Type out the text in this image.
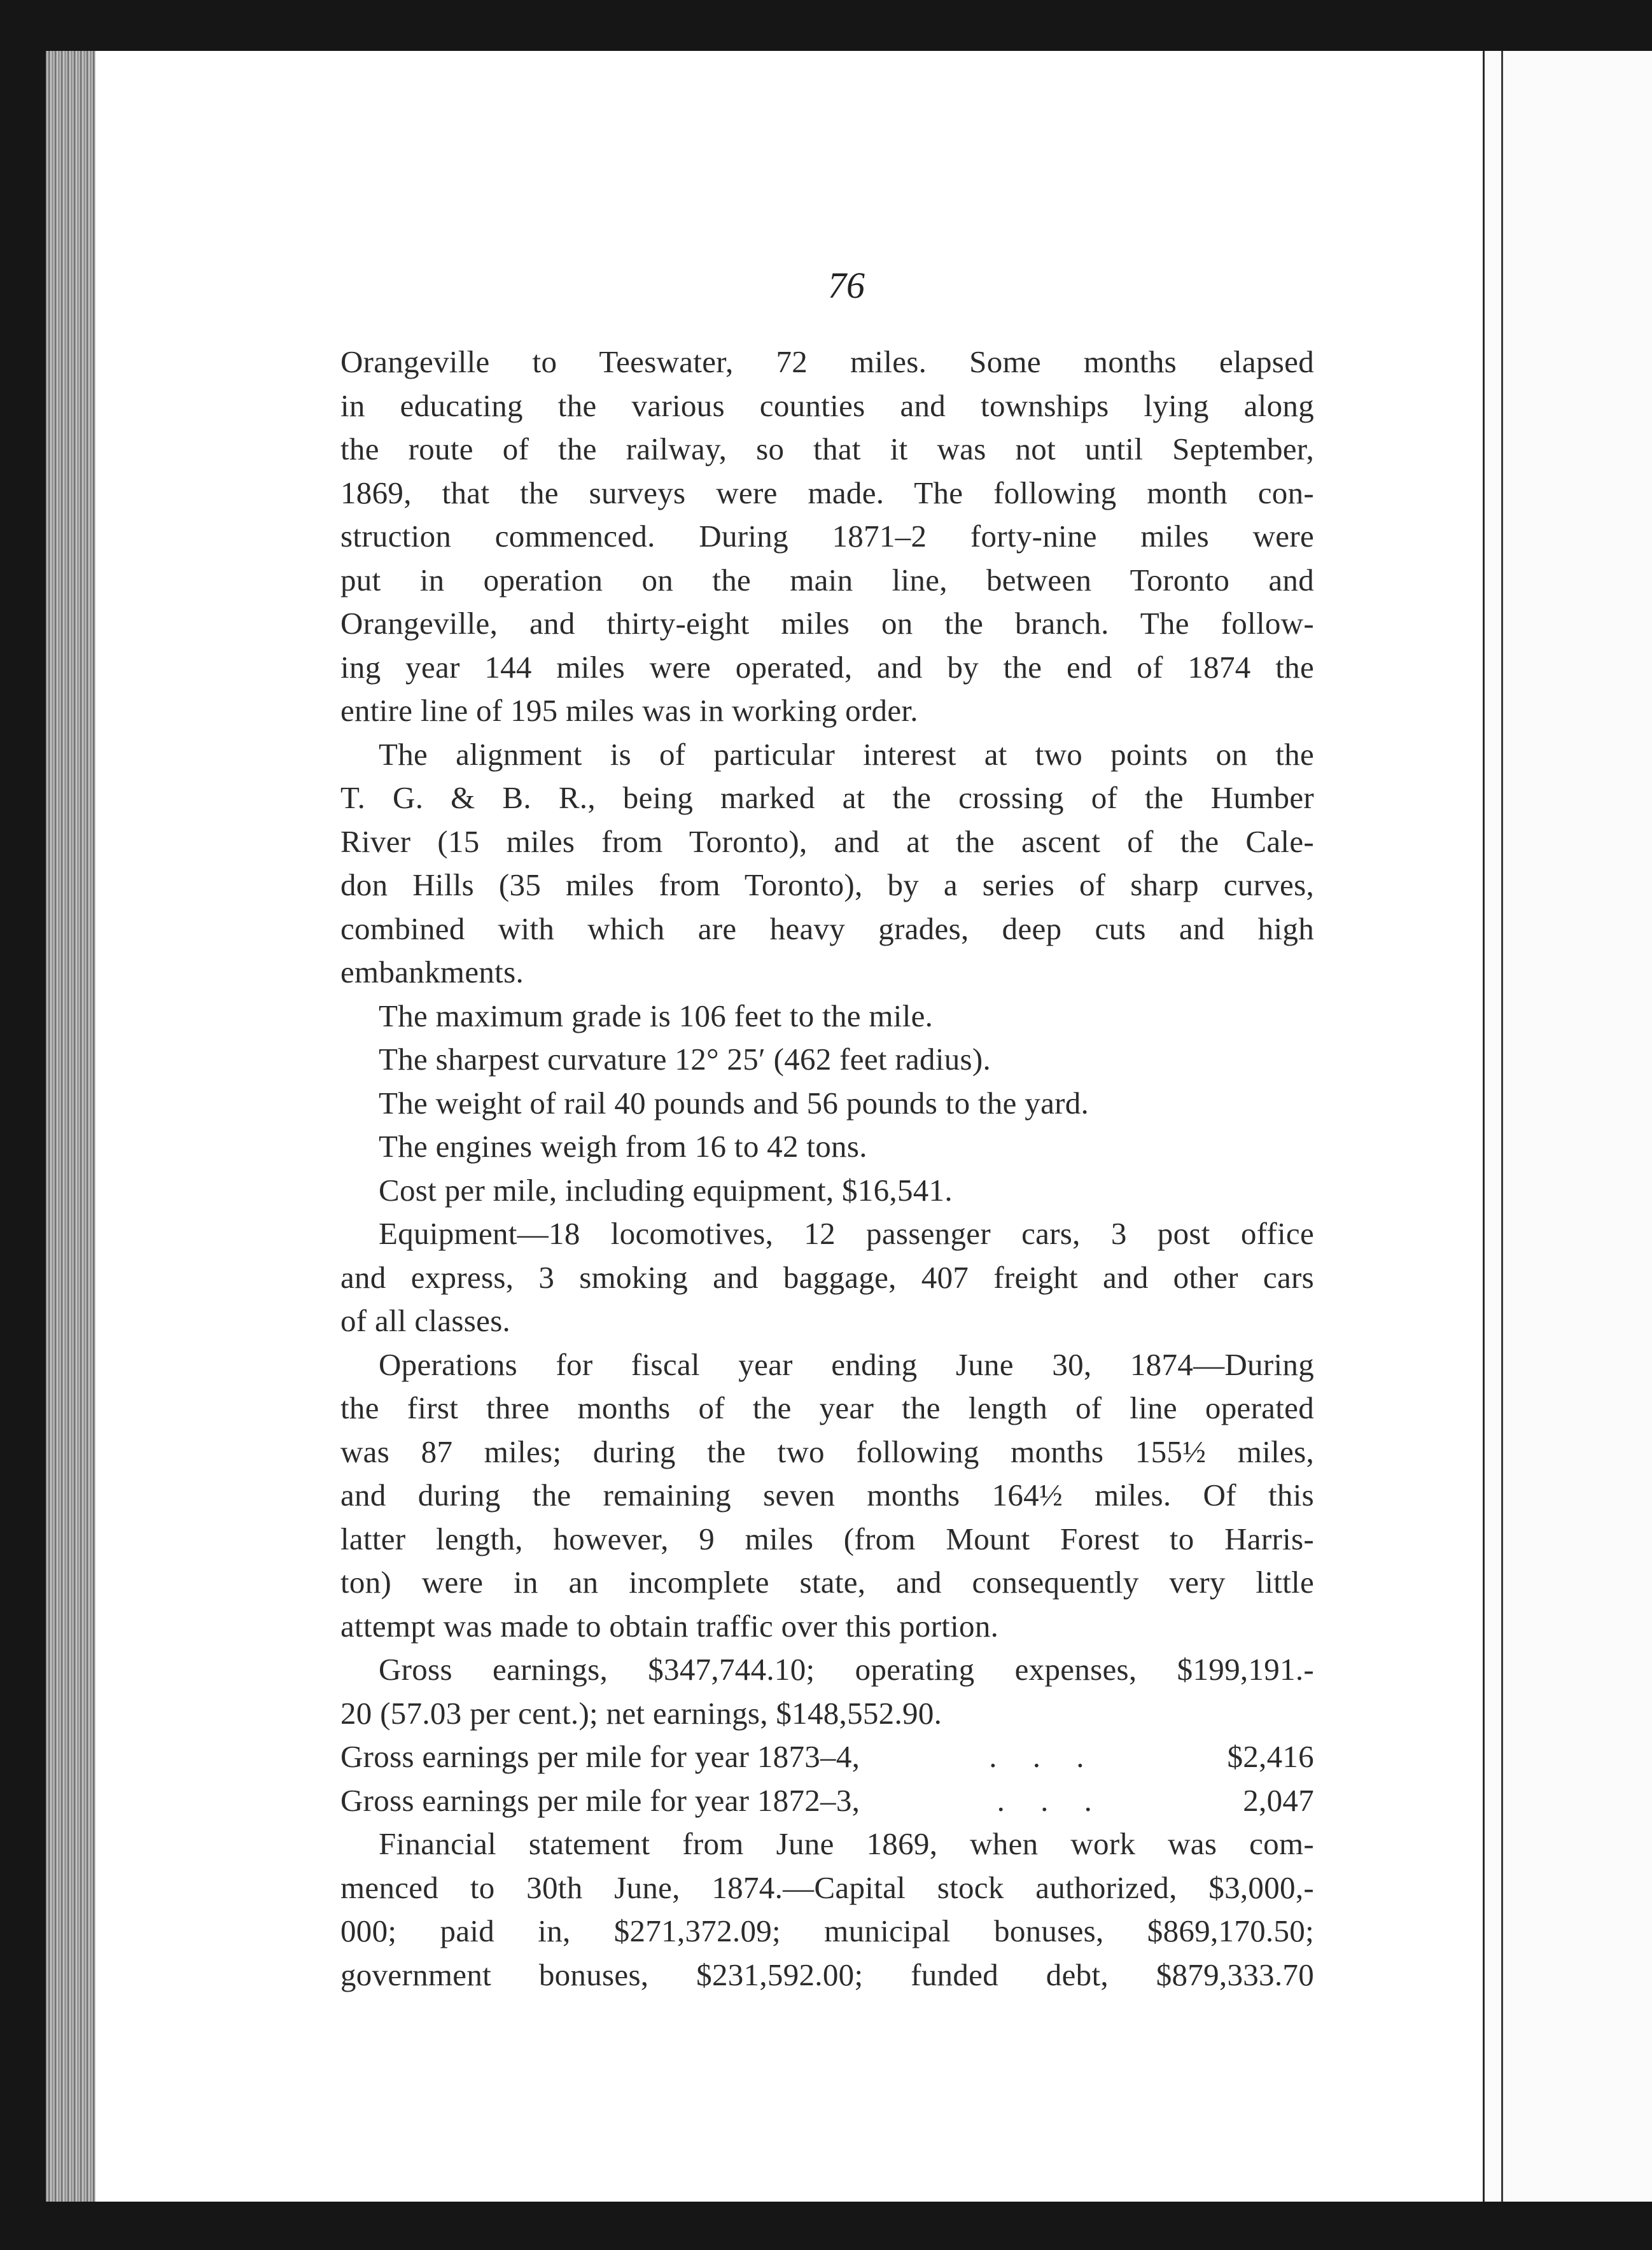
76
Orangeville to Teeswater, 72 miles. Some months elapsed
in educating the various counties and townships lying along
the route of the railway, so that it was not until September,
1869, that the surveys were made. The following month con-
struction commenced. During 1871–2 forty-nine miles were
put in operation on the main line, between Toronto and
Orangeville, and thirty-eight miles on the branch. The follow-
ing year 144 miles were operated, and by the end of 1874 the
entire line of 195 miles was in working order.
The alignment is of particular interest at two points on the
T. G. & B. R., being marked at the crossing of the Humber
River (15 miles from Toronto), and at the ascent of the Cale-
don Hills (35 miles from Toronto), by a series of sharp curves,
combined with which are heavy grades, deep cuts and high
embankments.
The maximum grade is 106 feet to the mile.
The sharpest curvature 12° 25′ (462 feet radius).
The weight of rail 40 pounds and 56 pounds to the yard.
The engines weigh from 16 to 42 tons.
Cost per mile, including equipment, $16,541.
Equipment—18 locomotives, 12 passenger cars, 3 post office
and express, 3 smoking and baggage, 407 freight and other cars
of all classes.
Operations for fiscal year ending June 30, 1874—During
the first three months of the year the length of line operated
was 87 miles; during the two following months 155½ miles,
and during the remaining seven months 164½ miles. Of this
latter length, however, 9 miles (from Mount Forest to Harris-
ton) were in an incomplete state, and consequently very little
attempt was made to obtain traffic over this portion.
Gross earnings, $347,744.10; operating expenses, $199,191.-
20 (57.03 per cent.); net earnings, $148,552.90.
Gross earnings per mile for year 1873–4,	. . .	$2,416
Gross earnings per mile for year 1872–3,	. . .	2,047
Financial statement from June 1869, when work was com-
menced to 30th June, 1874.—Capital stock authorized, $3,000,-
000; paid in, $271,372.09; municipal bonuses, $869,170.50;
government bonuses, $231,592.00; funded debt, $879,333.70
